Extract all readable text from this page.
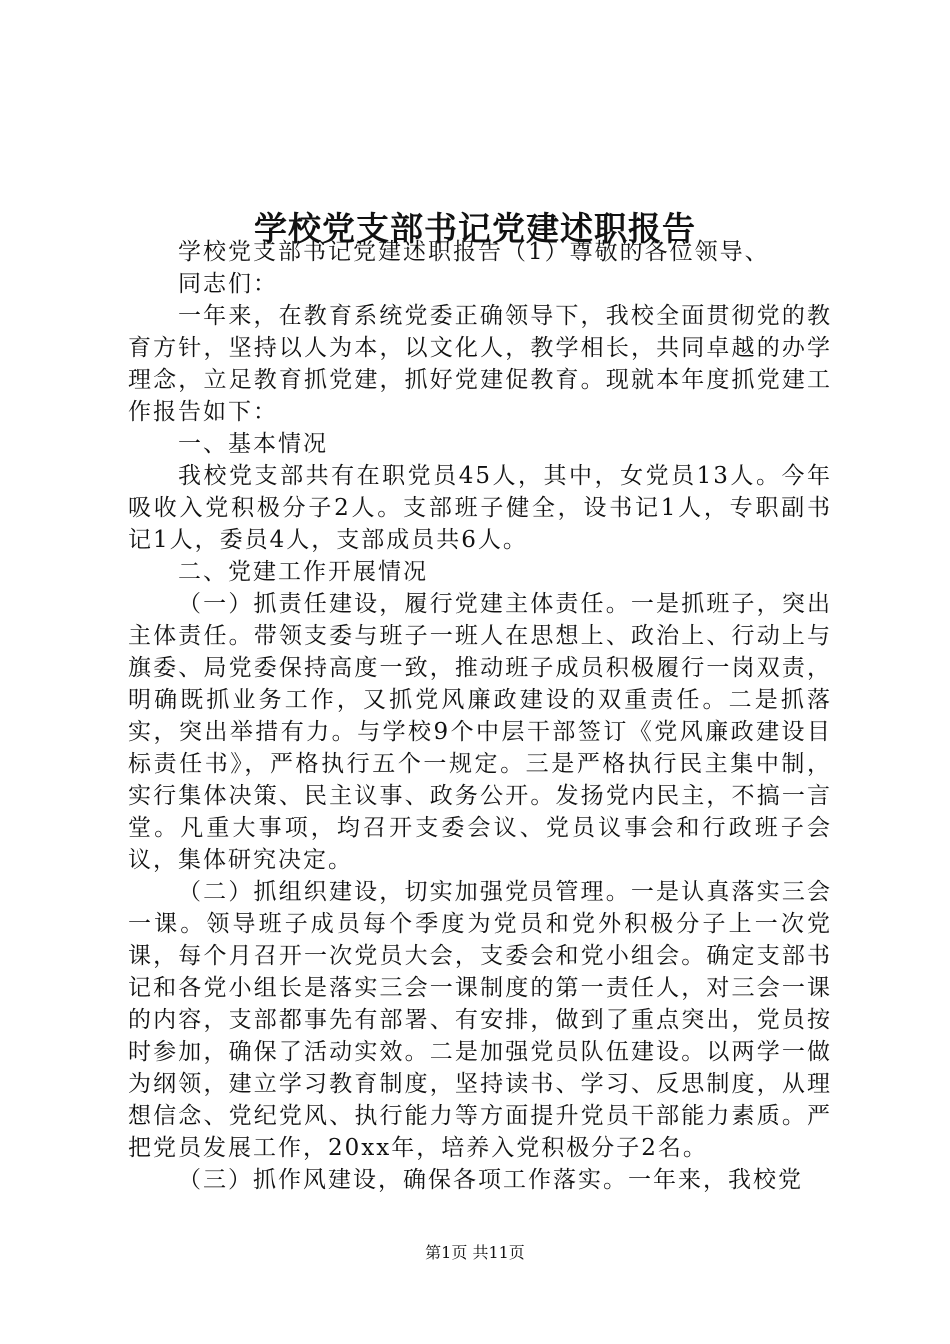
学校党支部书记党建述职报告

学校党支部书记党建述职报告（1）尊敬的各位领导、

同志们：

一年来，在教育系统党委正确领导下，我校全面贯彻党的教育方针，坚持以人为本，以文化人，教学相长，共同卓越的办学理念，立足教育抓党建，抓好党建促教育。现就本年度抓党建工作报告如下：

一、基本情况

我校党支部共有在职党员45人，其中，女党员13人。今年吸收入党积极分子2人。支部班子健全，设书记1人，专职副书记1人，委员4人，支部成员共6人。

二、党建工作开展情况

（一）抓责任建设，履行党建主体责任。一是抓班子，突出主体责任。带领支委与班子一班人在思想上、政治上、行动上与旗委、局党委保持高度一致，推动班子成员积极履行一岗双责，明确既抓业务工作，又抓党风廉政建设的双重责任。二是抓落实，突出举措有力。与学校9个中层干部签订《党风廉政建设目标责任书》，严格执行五个一规定。三是严格执行民主集中制，实行集体决策、民主议事、政务公开。发扬党内民主，不搞一言堂。凡重大事项，均召开支委会议、党员议事会和行政班子会议，集体研究决定。

（二）抓组织建设，切实加强党员管理。一是认真落实三会一课。领导班子成员每个季度为党员和党外积极分子上一次党课，每个月召开一次党员大会，支委会和党小组会。确定支部书记和各党小组长是落实三会一课制度的第一责任人，对三会一课的内容，支部都事先有部署、有安排，做到了重点突出，党员按时参加，确保了活动实效。二是加强党员队伍建设。以两学一做为纲领，建立学习教育制度，坚持读书、学习、反思制度，从理想信念、党纪党风、执行能力等方面提升党员干部能力素质。严把党员发展工作，20xx年，培养入党积极分子2名。

（三）抓作风建设，确保各项工作落实。一年来，我校党

第1页 共11页
